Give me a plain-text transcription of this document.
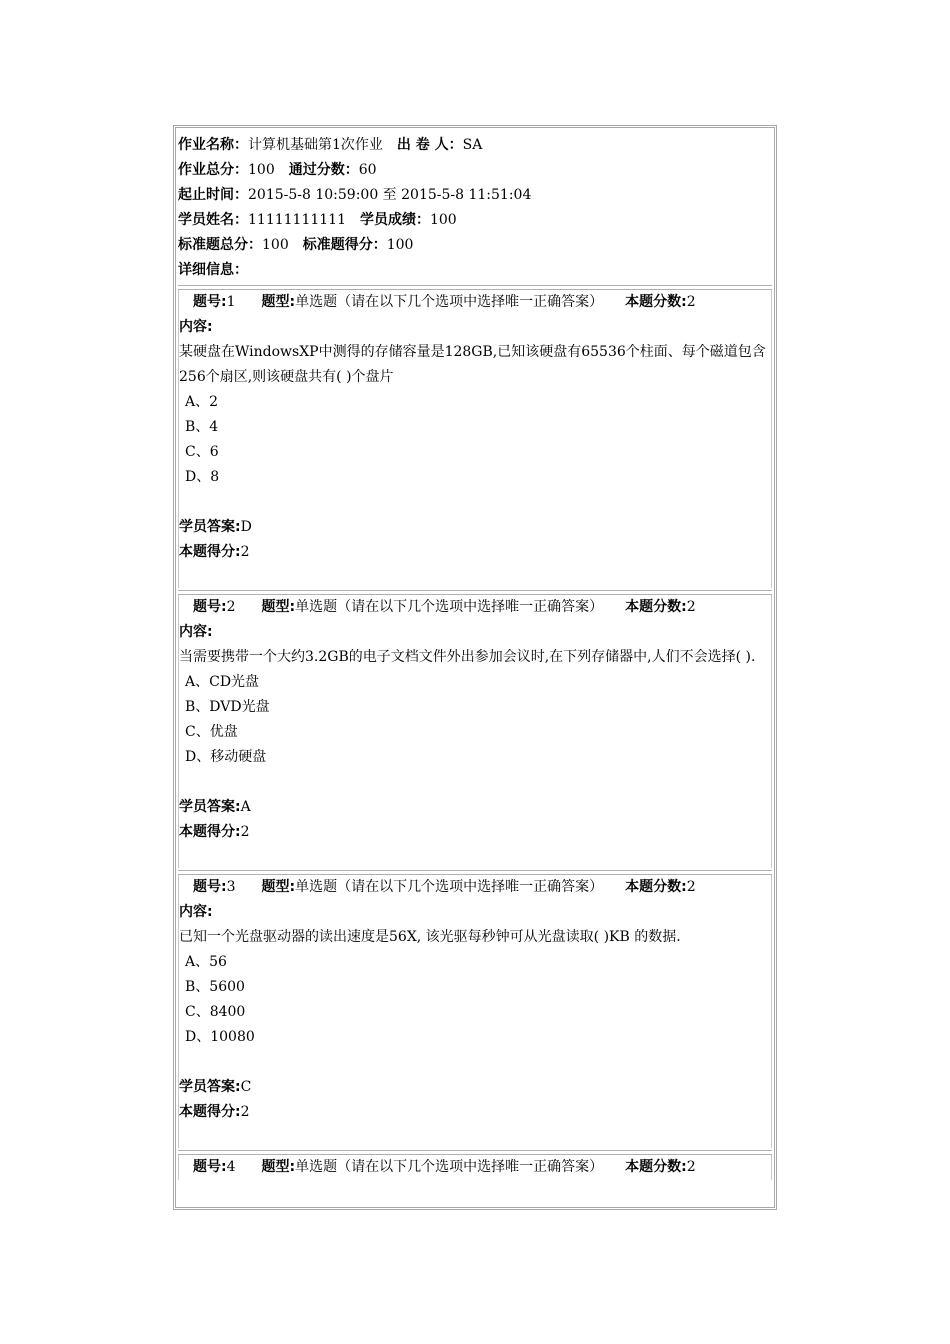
作业名称：计算机基础第1次作业 出 卷 人：SA
作业总分：100 通过分数：60
起止时间：2015-5-8 10:59:00 至 2015-5-8 11:51:04
学员姓名：11111111111 学员成绩：100
标准题总分：100 标准题得分：100
详细信息：
题号:1 题型:单选题（请在以下几个选项中选择唯一正确答案） 本题分数:2
内容:
某硬盘在WindowsXP中测得的存储容量是128GB,已知该硬盘有65536个柱面、每个磁道包含256个扇区,则该硬盘共有( )个盘片
A、2
B、4
C、6
D、8
学员答案:D
本题得分:2
题号:2 题型:单选题（请在以下几个选项中选择唯一正确答案） 本题分数:2
内容:
当需要携带一个大约3.2GB的电子文档文件外出参加会议时,在下列存储器中,人们不会选择( ).
A、CD光盘
B、DVD光盘
C、优盘
D、移动硬盘
学员答案:A
本题得分:2
题号:3 题型:单选题（请在以下几个选项中选择唯一正确答案） 本题分数:2
内容:
已知一个光盘驱动器的读出速度是56X, 该光驱每秒钟可从光盘读取( )KB 的数据.
A、56
B、5600
C、8400
D、10080
学员答案:C
本题得分:2
题号:4 题型:单选题（请在以下几个选项中选择唯一正确答案） 本题分数:2
